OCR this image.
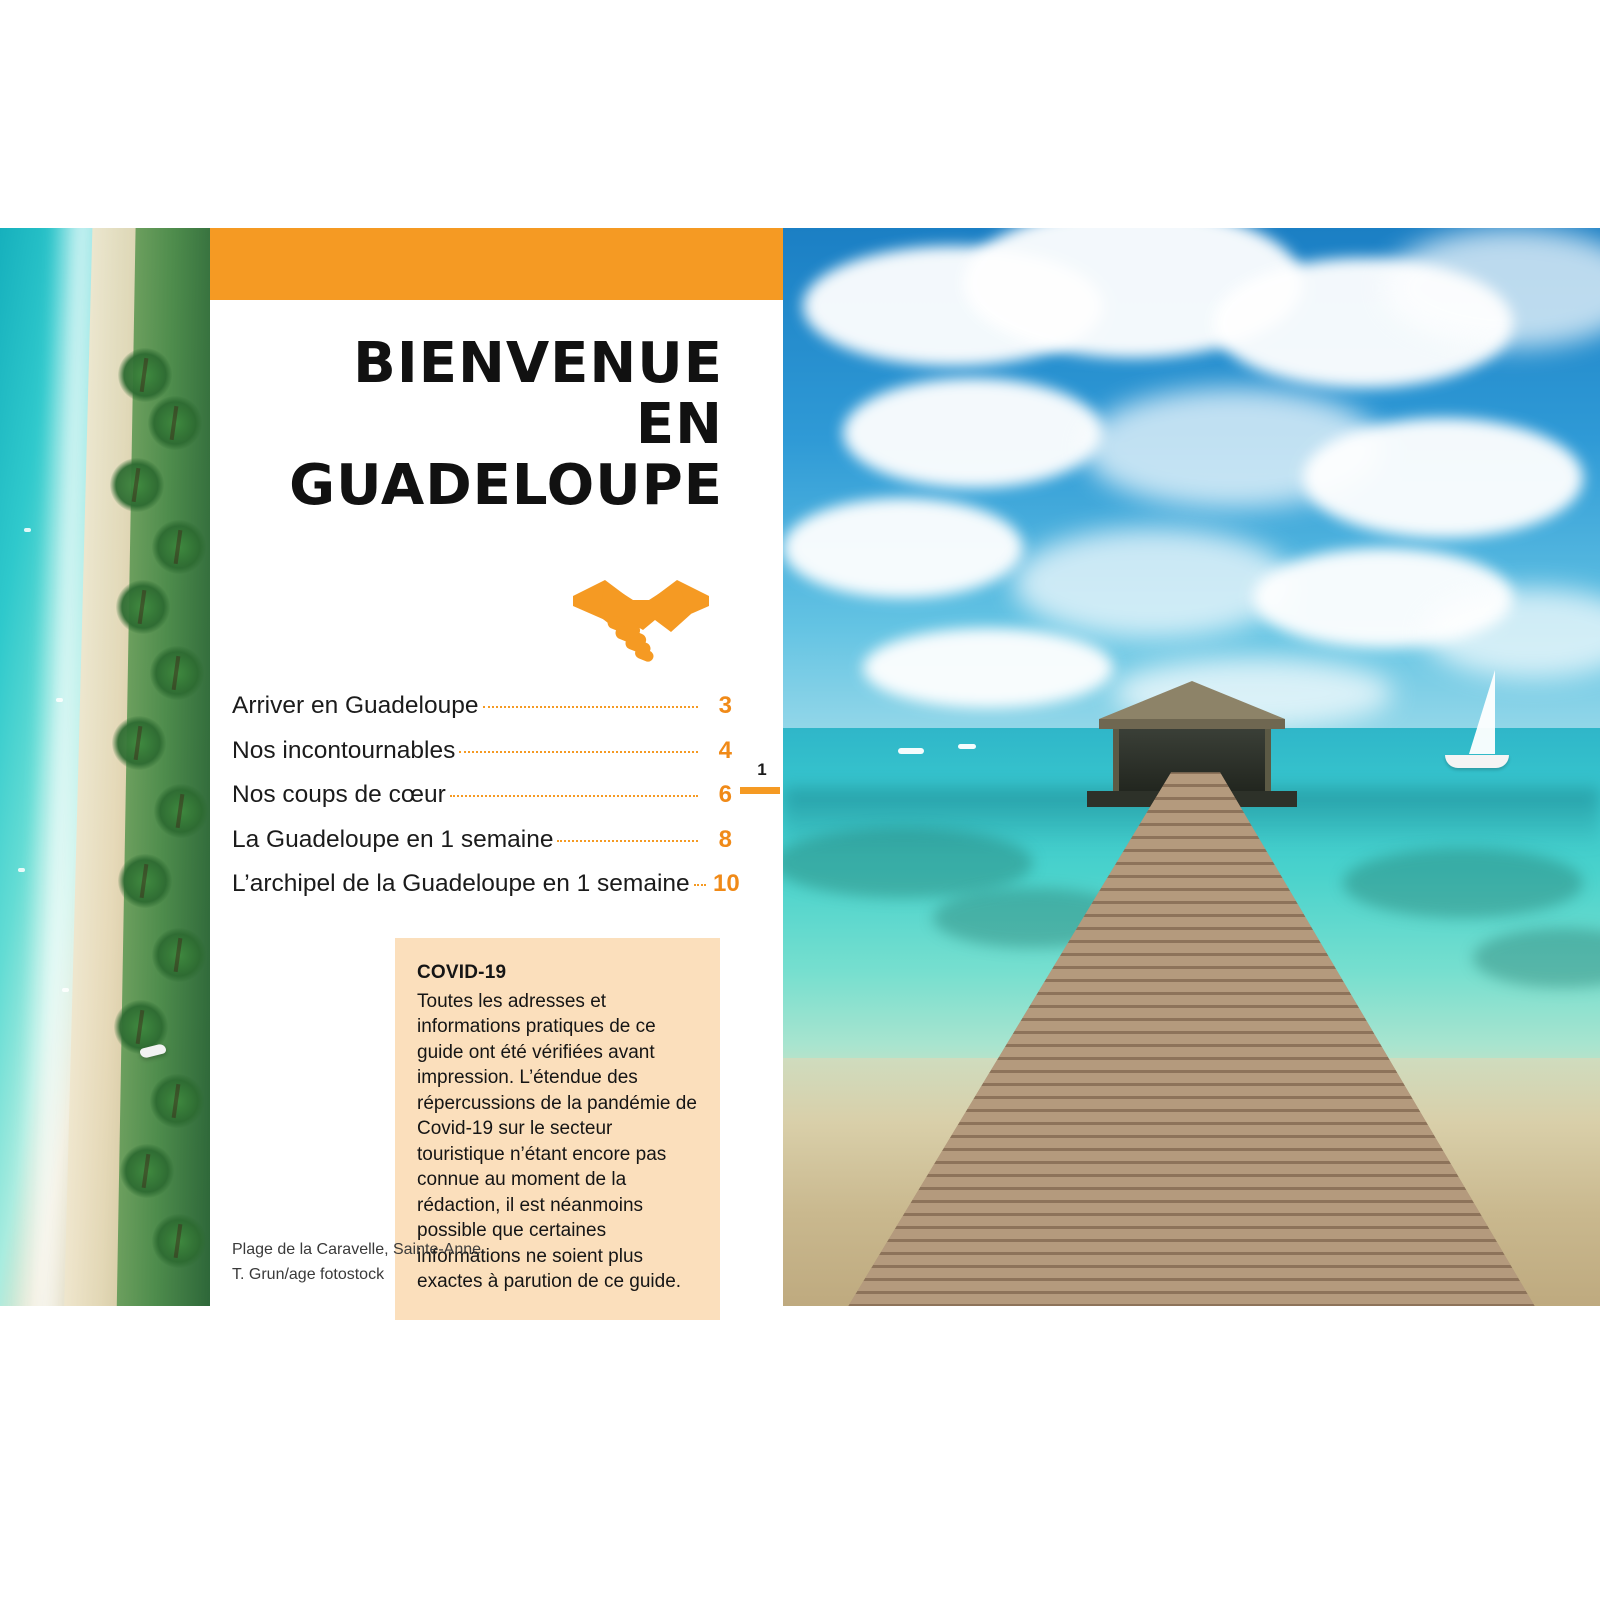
BIENVENUE
EN
GUADELOUPE
Arriver en Guadeloupe	3
Nos incontournables	4
Nos coups de cœur	6
La Guadeloupe en 1 semaine	8
L’archipel de la Guadeloupe en 1 semaine 10
COVID-19
Toutes les adresses et informations pratiques de ce guide ont été vérifiées avant impression. L’étendue des répercussions de la pandémie de Covid-19 sur le secteur touristique n’étant encore pas connue au moment de la rédaction, il est néanmoins possible que certaines informations ne soient plus exactes à parution de ce guide.
Plage de la Caravelle, Sainte-Anne.
T. Grun/age fotostock
1
